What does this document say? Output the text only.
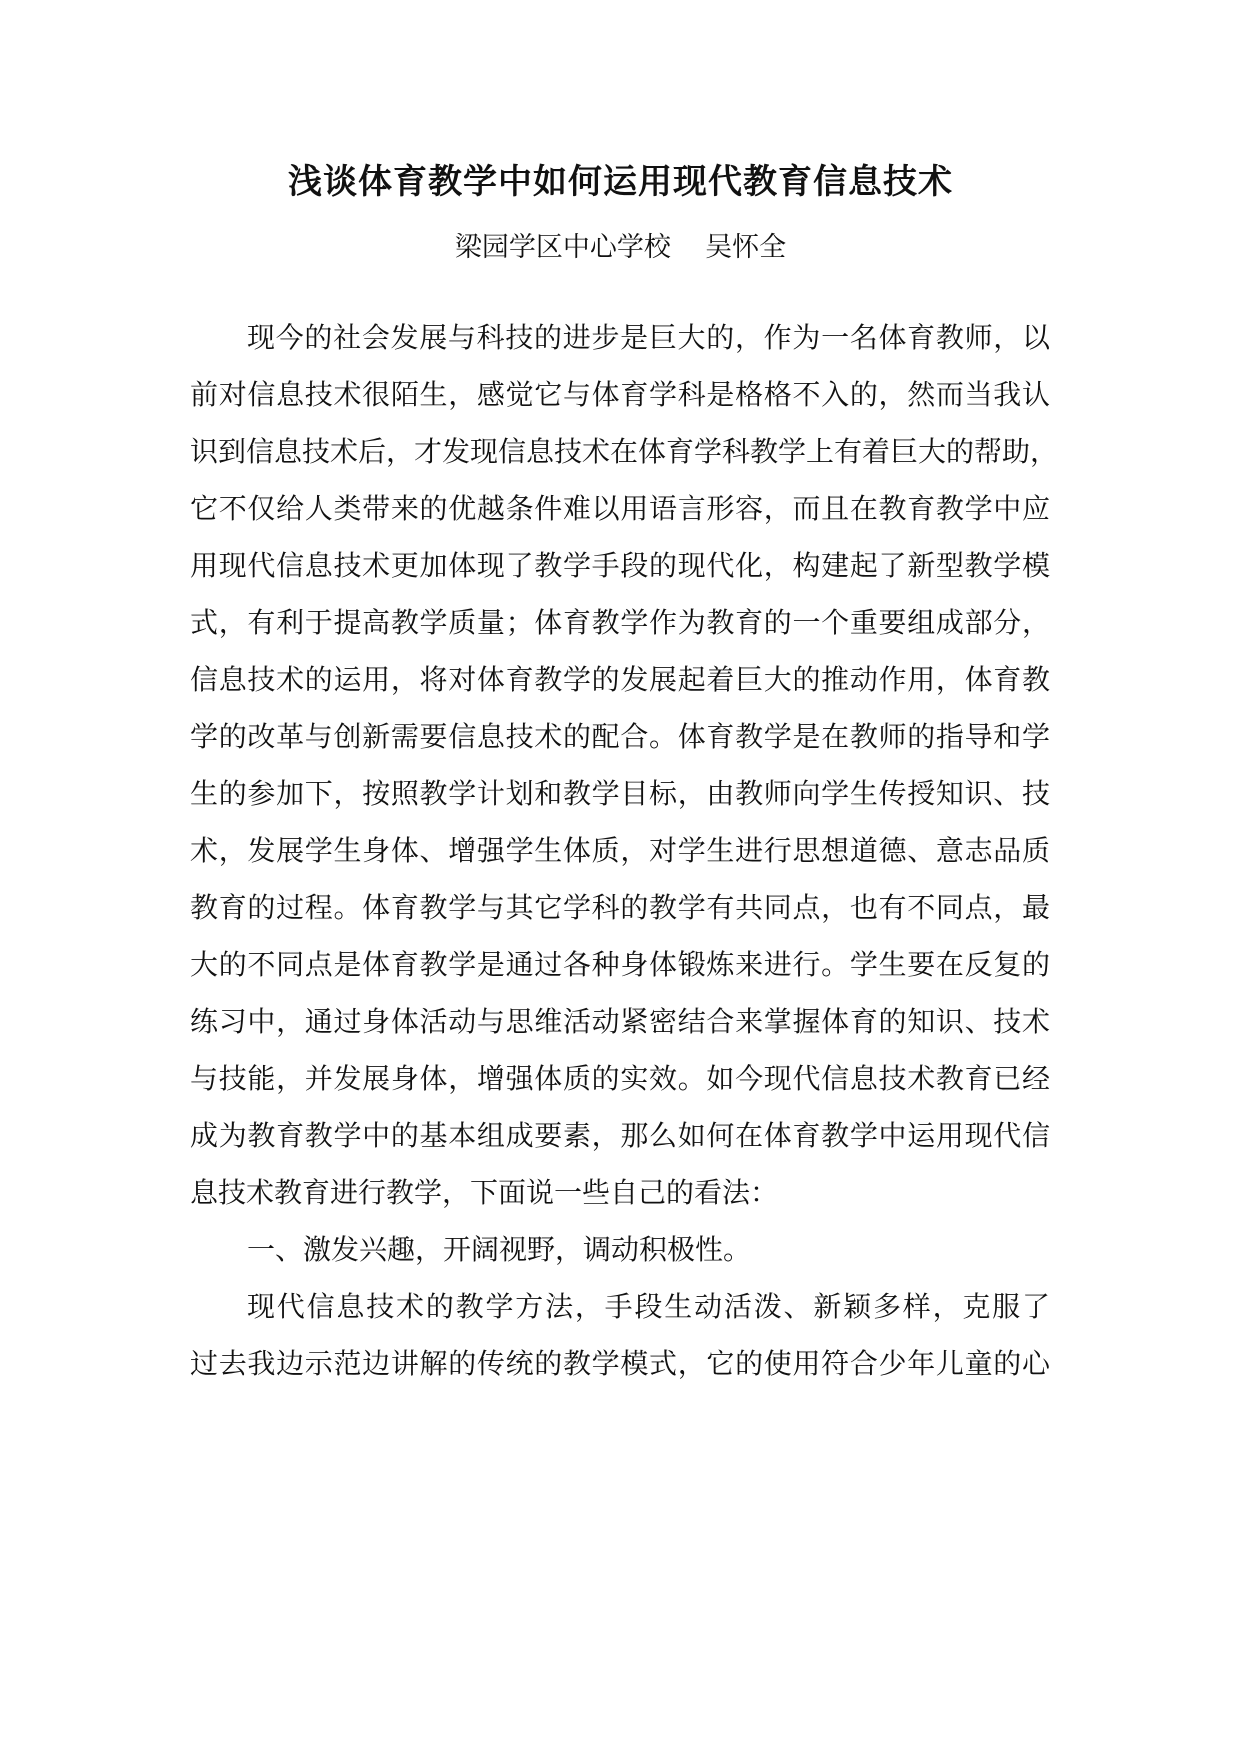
浅谈体育教学中如何运用现代教育信息技术
梁园学区中心学校    吴怀全
现今的社会发展与科技的进步是巨大的，作为一名体育教师，以
前对信息技术很陌生，感觉它与体育学科是格格不入的，然而当我认
识到信息技术后，才发现信息技术在体育学科教学上有着巨大的帮助，
它不仅给人类带来的优越条件难以用语言形容，而且在教育教学中应
用现代信息技术更加体现了教学手段的现代化，构建起了新型教学模
式，有利于提高教学质量；体育教学作为教育的一个重要组成部分，
信息技术的运用，将对体育教学的发展起着巨大的推动作用，体育教
学的改革与创新需要信息技术的配合。体育教学是在教师的指导和学
生的参加下，按照教学计划和教学目标，由教师向学生传授知识、技
术，发展学生身体、增强学生体质，对学生进行思想道德、意志品质
教育的过程。体育教学与其它学科的教学有共同点，也有不同点，最
大的不同点是体育教学是通过各种身体锻炼来进行。学生要在反复的
练习中，通过身体活动与思维活动紧密结合来掌握体育的知识、技术
与技能，并发展身体，增强体质的实效。如今现代信息技术教育已经
成为教育教学中的基本组成要素，那么如何在体育教学中运用现代信
息技术教育进行教学，下面说一些自己的看法：
一、激发兴趣，开阔视野，调动积极性。
现代信息技术的教学方法，手段生动活泼、新颖多样，克服了
过去我边示范边讲解的传统的教学模式，它的使用符合少年儿童的心
